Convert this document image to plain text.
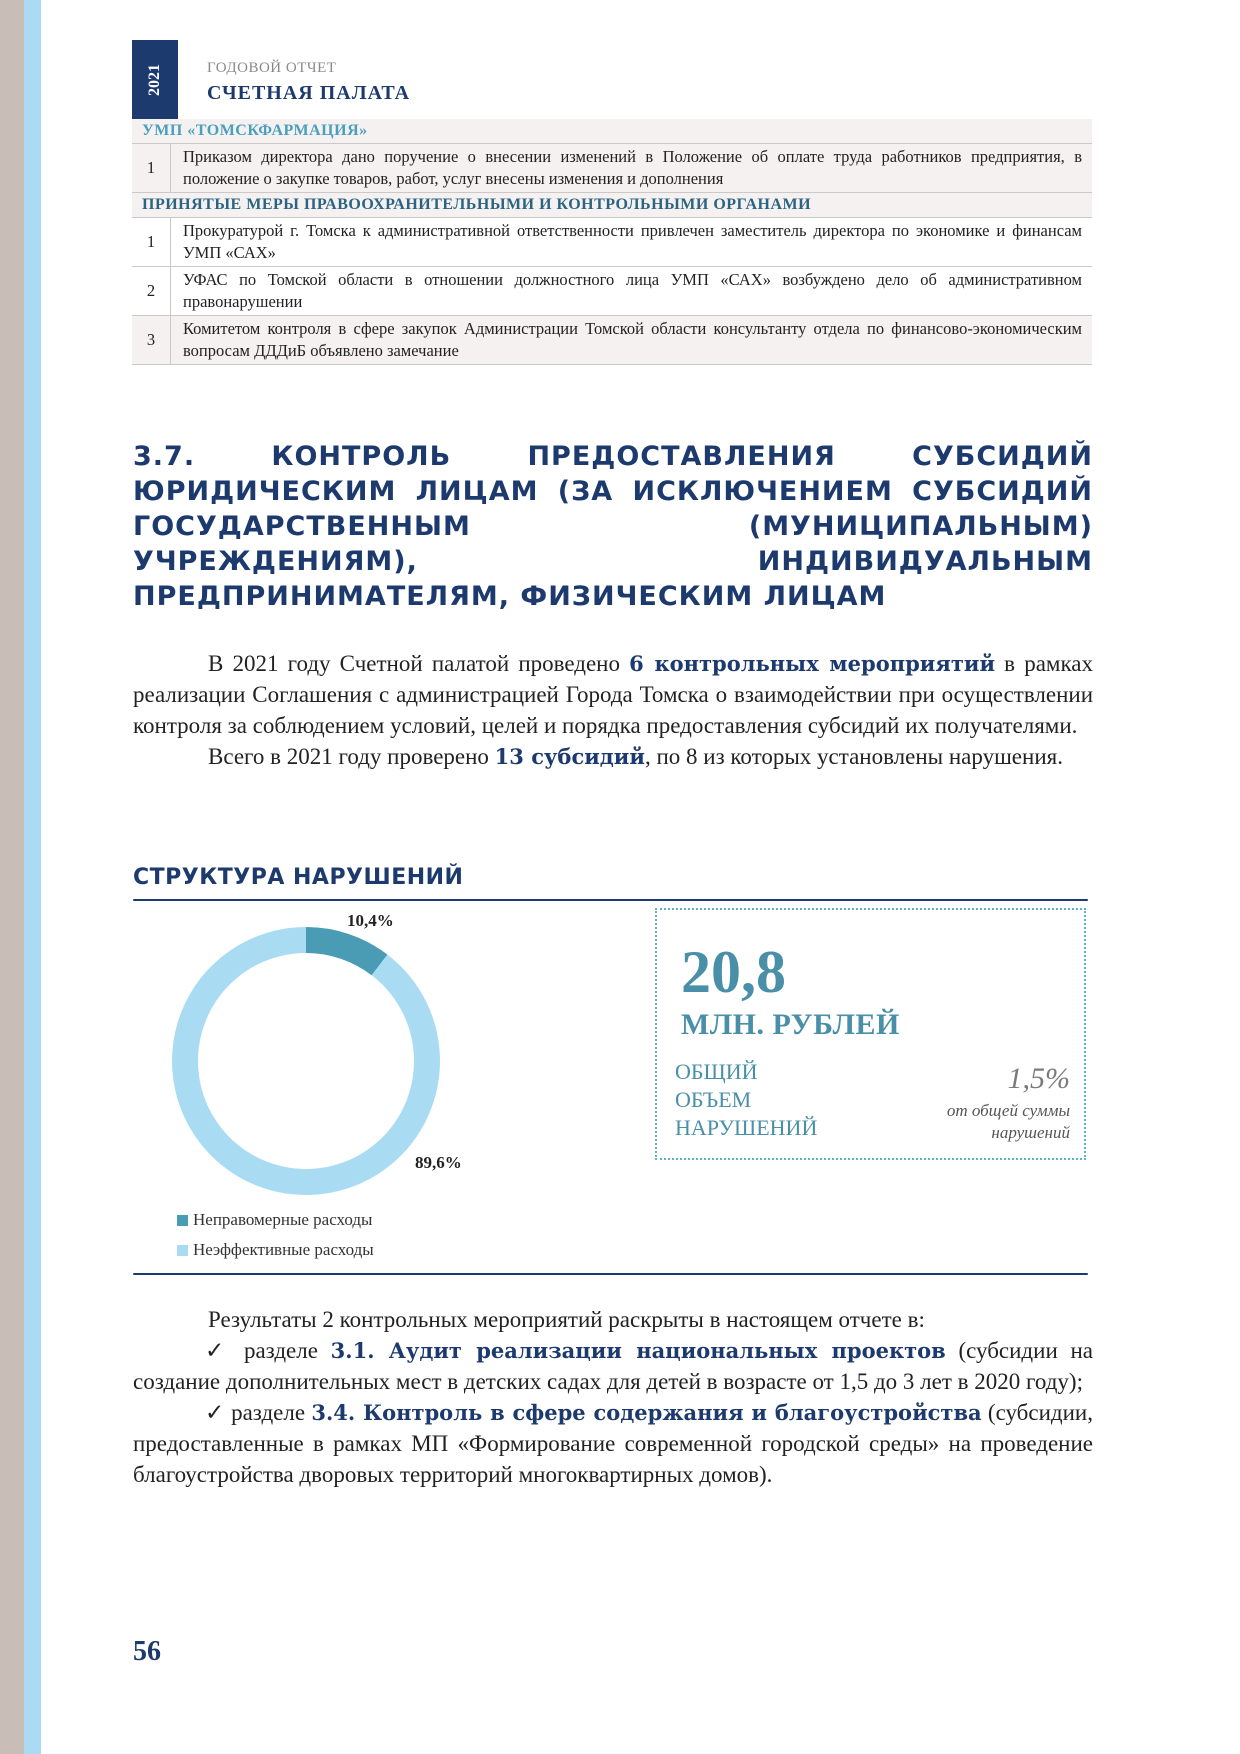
2021	ГОДОВОЙ ОТЧЕТ
СЧЕТНАЯ ПАЛАТА
УМП «ТОМСКФАРМАЦИЯ»	
1	Приказом директора дано поручение о внесении изменений в Положение об оплате труда работников предприятия, в положение о закупке товаров, работ, услуг внесены изменения и дополнения
ПРИНЯТЫЕ МЕРЫ ПРАВООХРАНИТЕЛЬНЫМИ И КОНТРОЛЬНЫМИ ОРГАНАМИ	
1	Прокуратурой г. Томска к административной ответственности привлечен заместитель директора по экономике и финансам УМП «САХ»
2	УФАС по Томской области в отношении должностного лица УМП «САХ» возбуждено дело об административном правонарушении
3	Комитетом контроля в сфере закупок Администрации Томской области консультанту отдела по финансово-экономическим вопросам ДДДиБ объявлено замечание
3.7. КОНТРОЛЬ ПРЕДОСТАВЛЕНИЯ СУБСИДИЙ ЮРИДИЧЕСКИМ ЛИЦАМ (ЗА ИСКЛЮЧЕНИЕМ СУБСИДИЙ ГОСУДАРСТВЕННЫМ (МУНИЦИПАЛЬНЫМ) УЧРЕЖДЕНИЯМ), ИНДИВИДУАЛЬНЫМ ПРЕДПРИНИМАТЕЛЯМ, ФИЗИЧЕСКИМ ЛИЦАМ

В 2021 году Счетной палатой проведено 6 контрольных мероприятий в рамках реализации Соглашения с администрацией Города Томска о взаимодействии при осуществлении контроля за соблюдением условий, целей и порядка предоставления субсидий их получателями.

Всего в 2021 году проверено 13 субсидий, по 8 из которых установлены нарушения.

СТРУКТУРА НАРУШЕНИЙ
10,4%
89,6%
Неправомерные расходы
Неэффективные расходы
20,8
МЛН. РУБЛЕЙ
ОБЩИЙ
ОБЪЕМ
НАРУШЕНИЙ
1,5%
от общей суммы нарушений

Результаты 2 контрольных мероприятий раскрыты в настоящем отчете в:

✓ разделе 3.1. Аудит реализации национальных проектов (субсидии на создание дополнительных мест в детских садах для детей в возрасте от 1,5 до 3 лет в 2020 году);

✓ разделе 3.4. Контроль в сфере содержания и благоустройства (субсидии, предоставленные в рамках МП «Формирование современной городской среды» на проведение благоустройства дворовых территорий многоквартирных домов).

56
